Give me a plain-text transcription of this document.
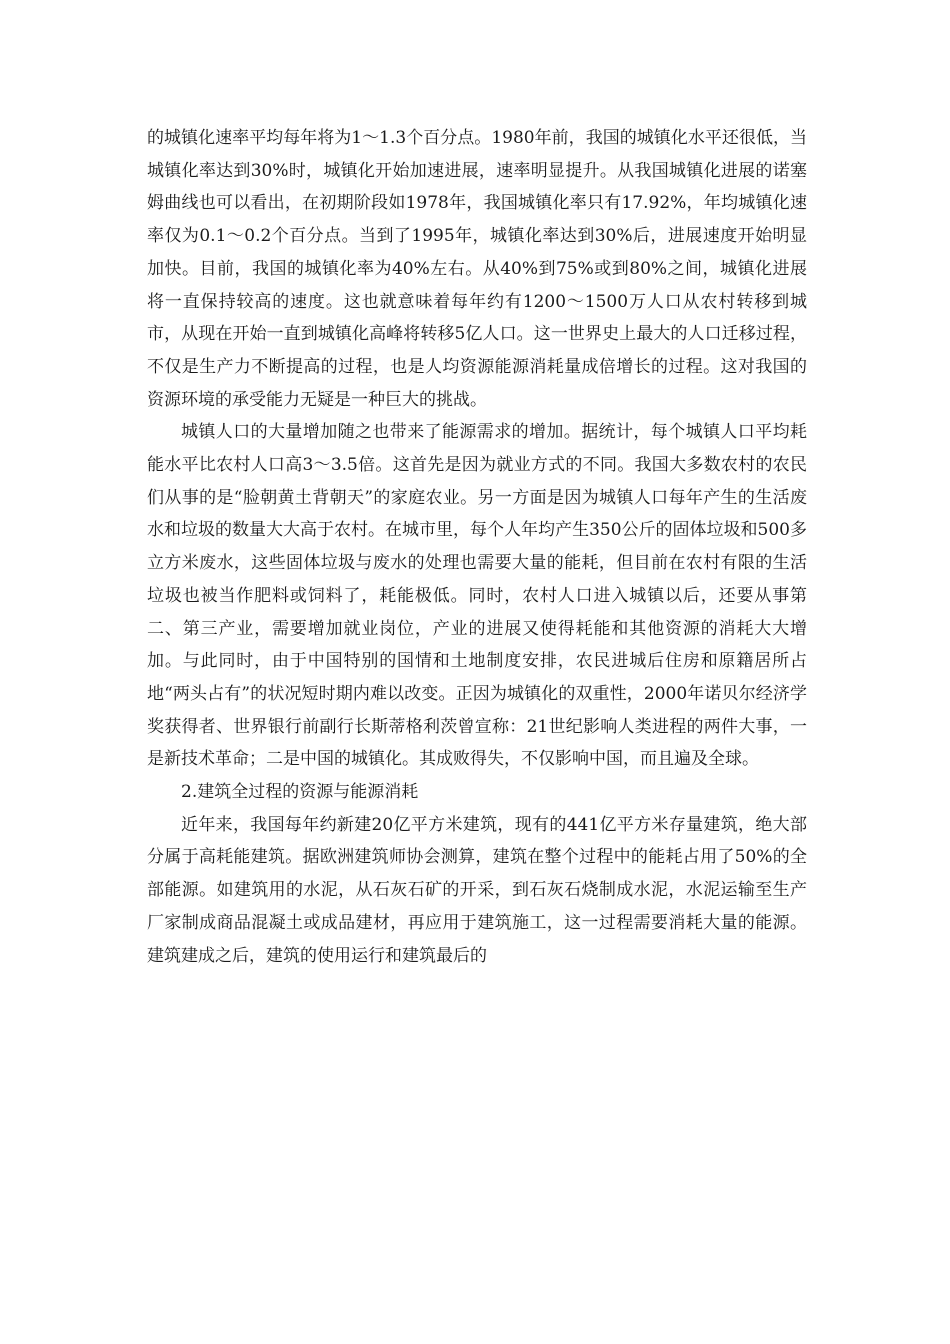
的城镇化速率平均每年将为1～1.3个百分点。1980年前，我国的城镇化水平还很低，当城镇化率达到30%时，城镇化开始加速进展，速率明显提升。从我国城镇化进展的诺塞姆曲线也可以看出，在初期阶段如1978年，我国城镇化率只有17.92%，年均城镇化速率仅为0.1～0.2个百分点。当到了1995年，城镇化率达到30%后，进展速度开始明显加快。目前，我国的城镇化率为40%左右。从40%到75%或到80%之间，城镇化进展将一直保持较高的速度。这也就意味着每年约有1200～1500万人口从农村转移到城市，从现在开始一直到城镇化高峰将转移5亿人口。这一世界史上最大的人口迁移过程，不仅是生产力不断提高的过程，也是人均资源能源消耗量成倍增长的过程。这对我国的资源环境的承受能力无疑是一种巨大的挑战。

城镇人口的大量增加随之也带来了能源需求的增加。据统计，每个城镇人口平均耗能水平比农村人口高3～3.5倍。这首先是因为就业方式的不同。我国大多数农村的农民们从事的是“脸朝黄土背朝天”的家庭农业。另一方面是因为城镇人口每年产生的生活废水和垃圾的数量大大高于农村。在城市里，每个人年均产生350公斤的固体垃圾和500多立方米废水，这些固体垃圾与废水的处理也需要大量的能耗，但目前在农村有限的生活垃圾也被当作肥料或饲料了，耗能极低。同时，农村人口进入城镇以后，还要从事第二、第三产业，需要增加就业岗位，产业的进展又使得耗能和其他资源的消耗大大增加。与此同时，由于中国特别的国情和土地制度安排，农民进城后住房和原籍居所占地“两头占有”的状况短时期内难以改变。正因为城镇化的双重性，2000年诺贝尔经济学奖获得者、世界银行前副行长斯蒂格利茨曾宣称：21世纪影响人类进程的两件大事，一是新技术革命；二是中国的城镇化。其成败得失，不仅影响中国，而且遍及全球。

2.建筑全过程的资源与能源消耗

近年来，我国每年约新建20亿平方米建筑，现有的441亿平方米存量建筑，绝大部分属于高耗能建筑。据欧洲建筑师协会测算，建筑在整个过程中的能耗占用了50%的全部能源。如建筑用的水泥，从石灰石矿的开采，到石灰石烧制成水泥，水泥运输至生产厂家制成商品混凝土或成品建材，再应用于建筑施工，这一过程需要消耗大量的能源。建筑建成之后，建筑的使用运行和建筑最后的
